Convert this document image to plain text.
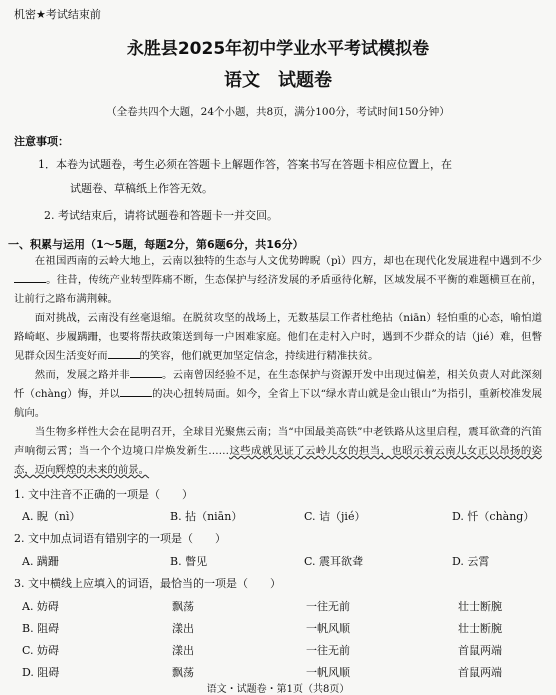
机密★考试结束前
永胜县2025年初中学业水平考试模拟卷
语文　试题卷
（全卷共四个大题，24个小题，共8页，满分100分，考试时间150分钟）
注意事项：
1．本卷为试题卷，考生必须在答题卡上解题作答，答案书写在答题卡相应位置上，在
试题卷、草稿纸上作答无效。
2. 考试结束后，请将试题卷和答题卡一并交回。
一、积累与运用（1～5题，每题2分，第6题6分，共16分）

在祖国西南的云岭大地上，云南以独特的生态与人文优势睥睨（pì）四方，却也在现代化发展进程中遇到不少。往昔，传统产业转型阵痛不断，生态保护与经济发展的矛盾亟待化解，区域发展不平衡的难题横亘在前，让前行之路布满荆棘。

面对挑战，云南没有丝毫退缩。在脱贫攻坚的战场上，无数基层工作者杜绝拈（niān）轻怕重的心态，喻怕道路崎岖、步履蹒跚，也要将帮扶政策送到每一户困难家庭。他们在走村入户时，遇到不少群众的诘（jié）难，但瞥见群众因生活变好而	的笑容，他们就更加坚定信念，持续进行精准扶贫。

然而，发展之路并非	。云南曾因经验不足，在生态保护与资源开发中出现过偏差，相关负责人对此深刻忏（chàng）悔，并以	的决心扭转局面。如今，全省上下以“绿水青山就是金山银山”为指引，重新校准发展航向。

当生物多样性大会在昆明召开，全球目光聚焦云南；当“中国最美高铁”中老铁路从这里启程，震耳欲聋的汽笛声响彻云霄；当一个个边境口岸焕发新生……这些成就见证了云岭儿女的担当，也昭示着云南儿女正以昂扬的姿态，迈向辉煌的未来的前景。

1. 文中注音不正确的一项是（　　）
A. 睨（nì）	B. 拈（niān）	C. 诘（jié）	D. 忏（chàng）
2. 文中加点词语有错别字的一项是（　　）
A. 蹒跚	B. 瞥见	C. 震耳欲聋	D. 云霄
3. 文中横线上应填入的词语，最恰当的一项是（　　）
A. 妨碍	飘荡	一往无前	壮士断腕
B. 阻碍	漾出	一帆风顺	壮士断腕
C. 妨碍	漾出	一往无前	首鼠两端
D. 阻碍	飘荡	一帆风顺	首鼠两端
语文・试题卷・第1页（共8页）
